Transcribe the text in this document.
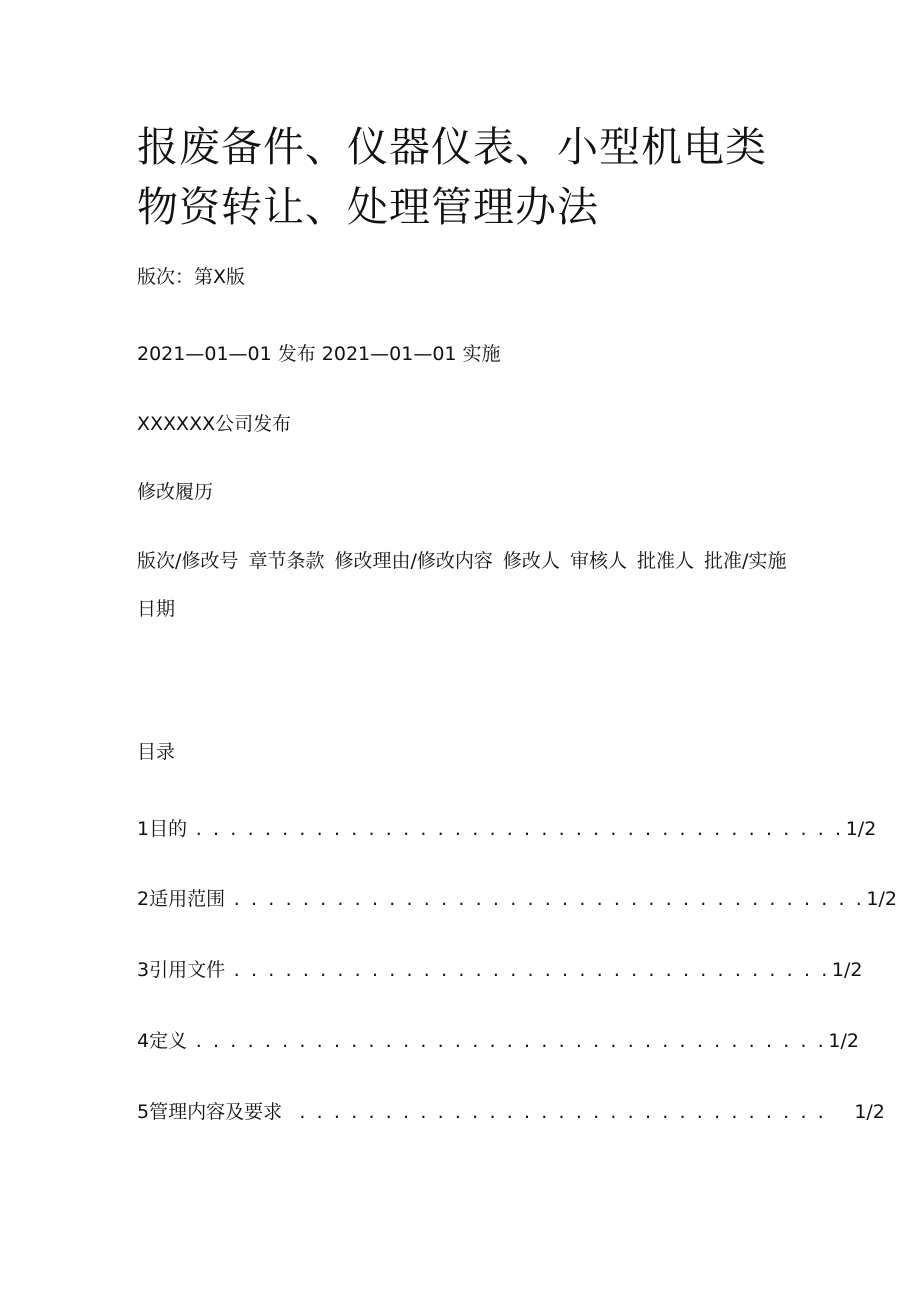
报废备件、仪器仪表、小型机电类
物资转让、处理管理办法
版次：第X版
2021—01—01 发布 2021—01—01 实施
XXXXXX公司发布
修改履历
版次/修改号 章节条款 修改理由/修改内容 修改人 审核人 批准人 批准/实施日期
目录
1目的 . . . . . . . . . . . . . . . . . . . . . . . . . . . . . . . . . . . . . . 1/2
2适用范围 . . . . . . . . . . . . . . . . . . . . . . . . . . . . . . . . . . . . . 1/2
3引用文件 . . . . . . . . . . . . . . . . . . . . . . . . . . . . . . . . . . . 1/2
4定义 . . . . . . . . . . . . . . . . . . . . . . . . . . . . . . . . . . . . . 1/2
5管理内容及要求  . . . . . . . . . . . . . . . . . . . . . . . . . . . . . . .   1/2
